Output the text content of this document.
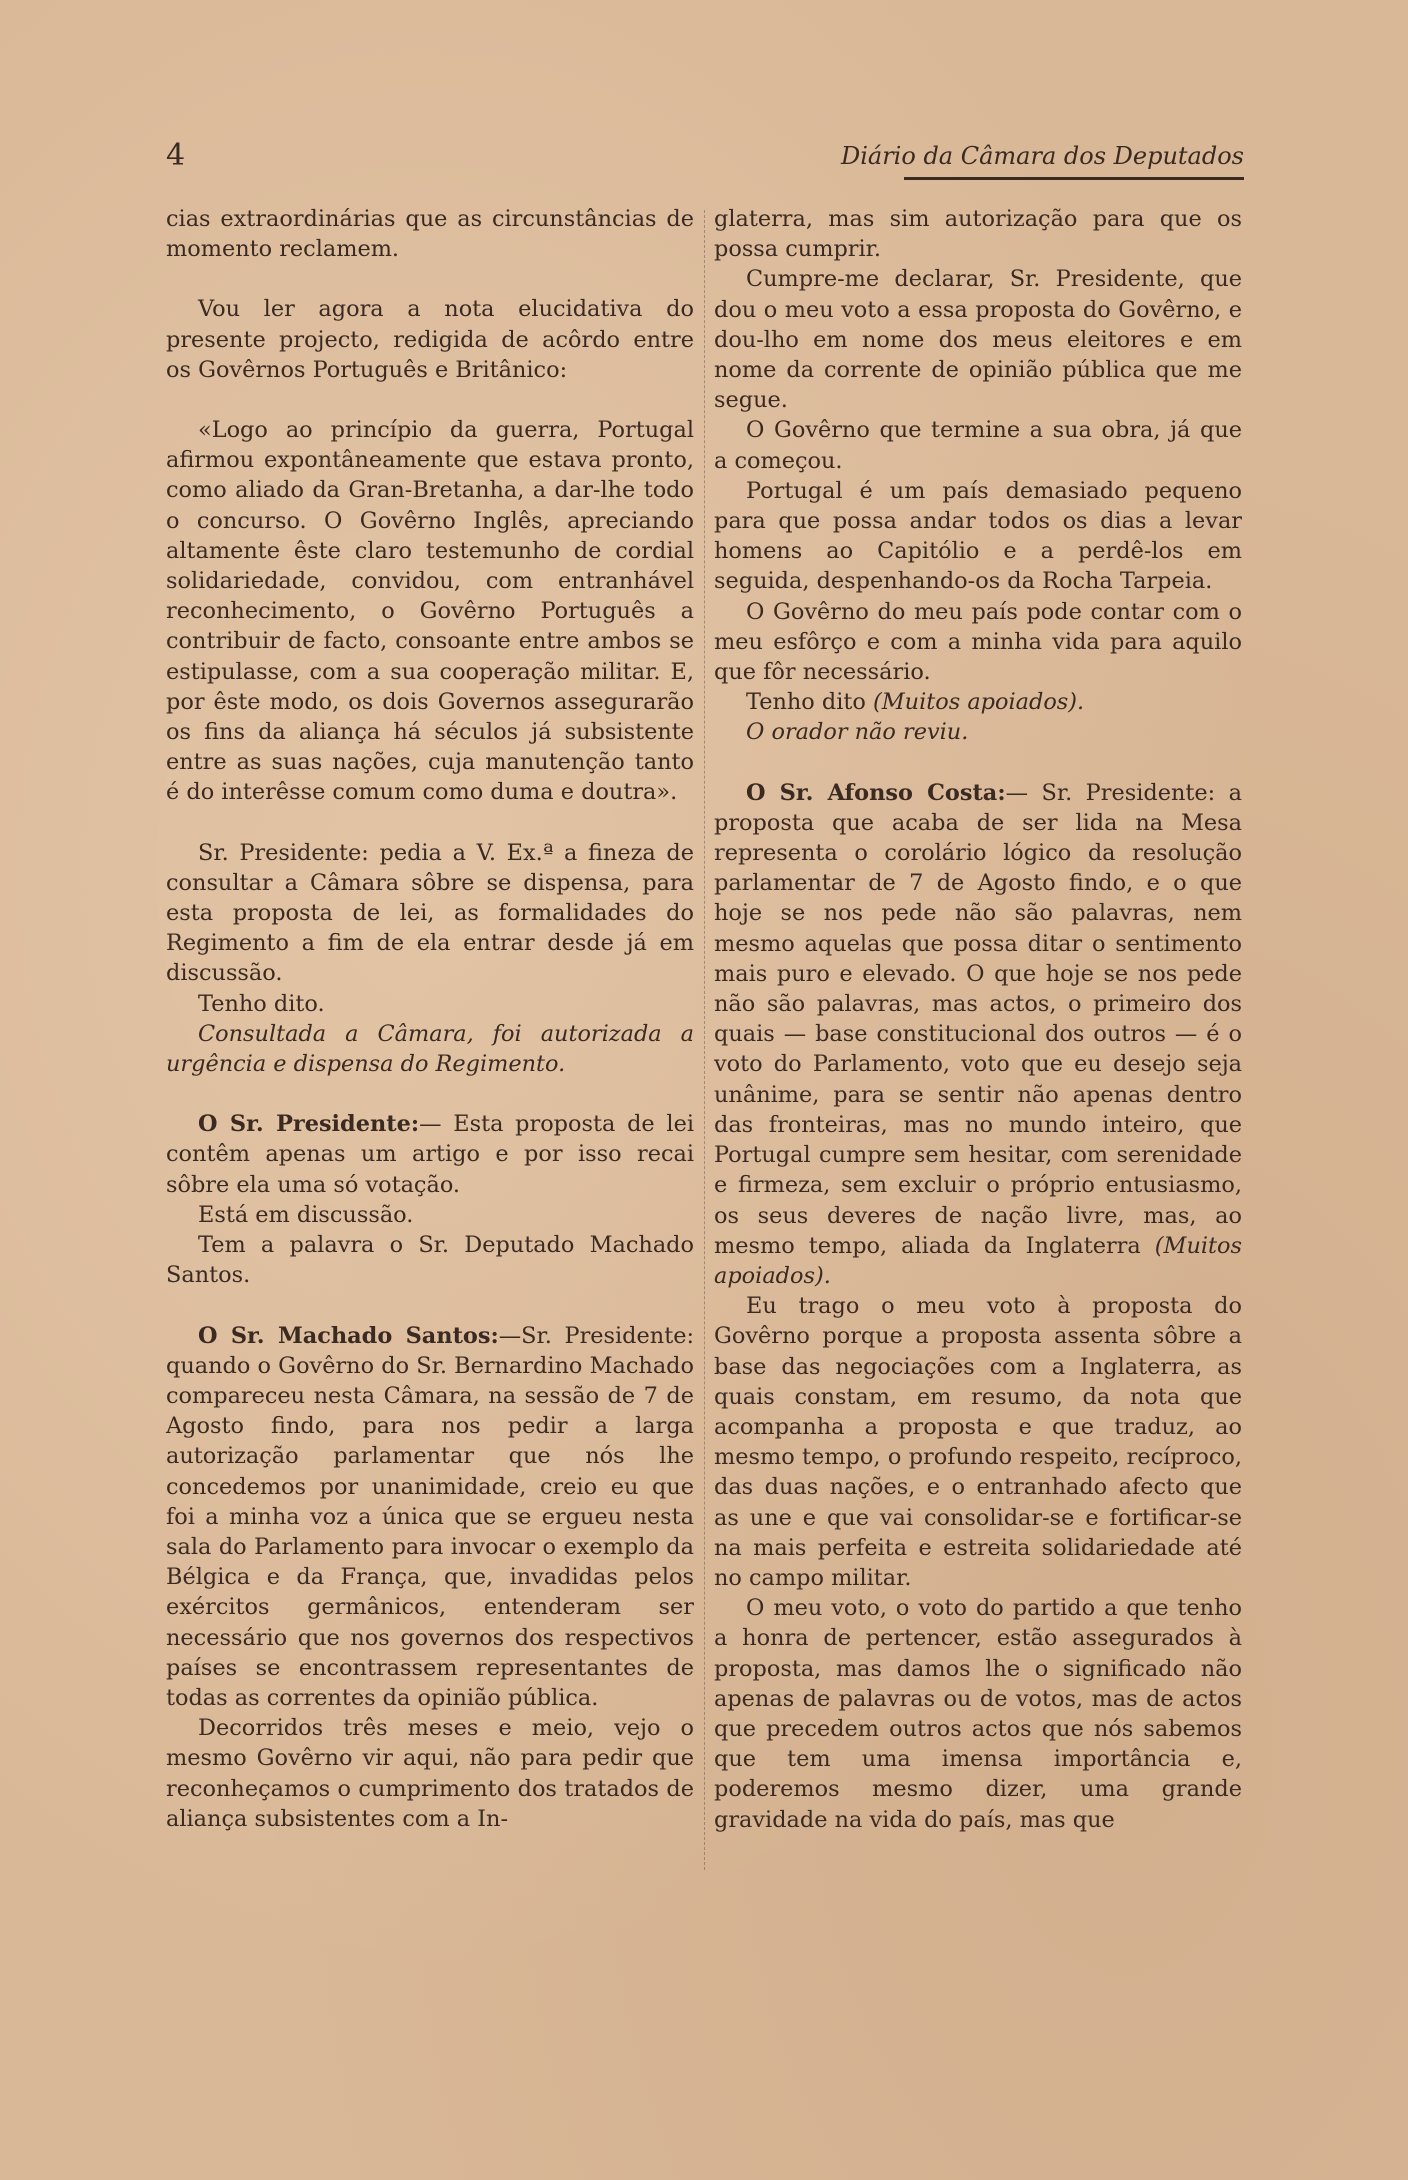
4	Diário da Câmara dos Deputados

cias extraordinárias que as circunstâncias de momento reclamem.

Vou ler agora a nota elucidativa do presente projecto, redigida de acôrdo entre os Govêrnos Português e Britânico:

«Logo ao princípio da guerra, Portugal afirmou expontâneamente que estava pronto, como aliado da Gran-Bretanha, a dar-lhe todo o concurso. O Govêrno Inglês, apreciando altamente êste claro testemunho de cordial solidariedade, convidou, com entranhável reconhecimento, o Govêrno Português a contribuir de facto, consoante entre ambos se estipulasse, com a sua cooperação militar. E, por êste modo, os dois Governos assegurarão os fins da aliança há séculos já subsistente entre as suas nações, cuja manutenção tanto é do interêsse comum como duma e doutra».

Sr. Presidente: pedia a V. Ex.ª a fineza de consultar a Câmara sôbre se dispensa, para esta proposta de lei, as formalidades do Regimento a fim de ela entrar desde já em discussão.

Tenho dito.

Consultada a Câmara, foi autorizada a urgência e dispensa do Regimento.

O Sr. Presidente:— Esta proposta de lei contêm apenas um artigo e por isso recai sôbre ela uma só votação.

Está em discussão.

Tem a palavra o Sr. Deputado Machado Santos.

O Sr. Machado Santos:—Sr. Presidente: quando o Govêrno do Sr. Bernardino Machado compareceu nesta Câmara, na sessão de 7 de Agosto findo, para nos pedir a larga autorização parlamentar que nós lhe concedemos por unanimidade, creio eu que foi a minha voz a única que se ergueu nesta sala do Parlamento para invocar o exemplo da Bélgica e da França, que, invadidas pelos exércitos germânicos, entenderam ser necessário que nos governos dos respectivos países se encontrassem representantes de todas as correntes da opinião pública.

Decorridos três meses e meio, vejo o mesmo Govêrno vir aqui, não para pedir que reconheçamos o cumprimento dos tratados de aliança subsistentes com a In-

glaterra, mas sim autorização para que os possa cumprir.

Cumpre-me declarar, Sr. Presidente, que dou o meu voto a essa proposta do Govêrno, e dou-lho em nome dos meus eleitores e em nome da corrente de opinião pública que me segue.

O Govêrno que termine a sua obra, já que a começou.

Portugal é um país demasiado pequeno para que possa andar todos os dias a levar homens ao Capitólio e a perdê-los em seguida, despenhando-os da Rocha Tarpeia.

O Govêrno do meu país pode contar com o meu esfôrço e com a minha vida para aquilo que fôr necessário.

Tenho dito (Muitos apoiados).

O orador não reviu.

O Sr. Afonso Costa:— Sr. Presidente: a proposta que acaba de ser lida na Mesa representa o corolário lógico da resolução parlamentar de 7 de Agosto findo, e o que hoje se nos pede não são palavras, nem mesmo aquelas que possa ditar o sentimento mais puro e elevado. O que hoje se nos pede não são palavras, mas actos, o primeiro dos quais — base constitucional dos outros — é o voto do Parlamento, voto que eu desejo seja unânime, para se sentir não apenas dentro das fronteiras, mas no mundo inteiro, que Portugal cumpre sem hesitar, com serenidade e firmeza, sem excluir o próprio entusiasmo, os seus deveres de nação livre, mas, ao mesmo tempo, aliada da Inglaterra (Muitos apoiados).

Eu trago o meu voto à proposta do Govêrno porque a proposta assenta sôbre a base das negociações com a Inglaterra, as quais constam, em resumo, da nota que acompanha a proposta e que traduz, ao mesmo tempo, o profundo respeito, recíproco, das duas nações, e o entranhado afecto que as une e que vai consolidar-se e fortificar-se na mais perfeita e estreita solidariedade até no campo militar.

O meu voto, o voto do partido a que tenho a honra de pertencer, estão assegurados à proposta, mas damos lhe o significado não apenas de palavras ou de votos, mas de actos que precedem outros actos que nós sabemos que tem uma imensa importância e, poderemos mesmo dizer, uma grande gravidade na vida do país, mas que
